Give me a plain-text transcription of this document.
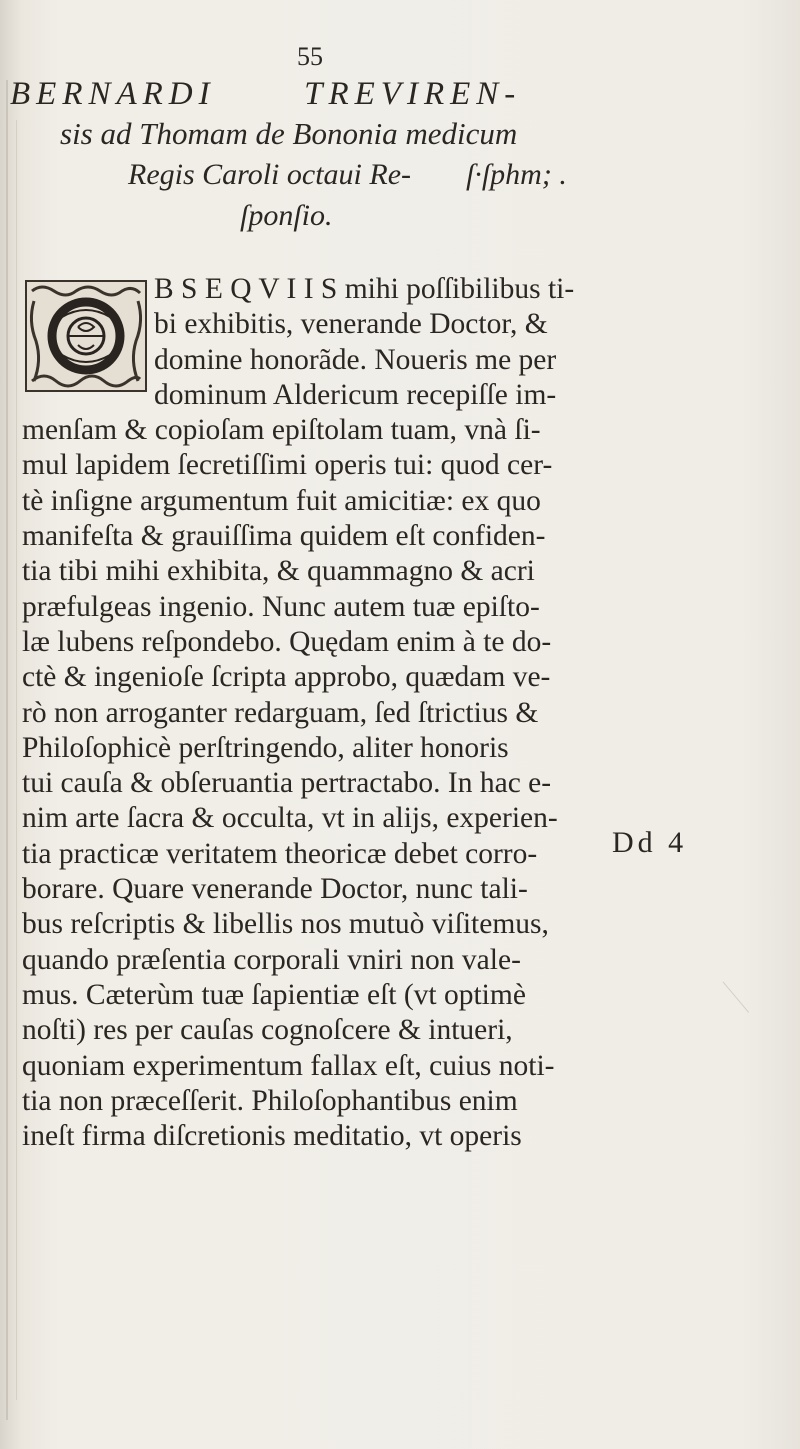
55
BERNARDI	TREVIREN-
sis ad Thomam de Bononia medicum
Regis Caroli octaui Re- ſ·ſphm; .
ſponſio.
B S E Q V I I S mihi poſſibilibus ti-
bi exhibitis, venerande Doctor, &
domine honorãde. Noueris me per
dominum Aldericum recepiſſe im-
menſam & copioſam epiſtolam tuam, vnà ſi-
mul lapidem ſecretiſſimi operis tui: quod cer-
tè inſigne argumentum fuit amicitiæ: ex quo
manifeſta & grauiſſima quidem eſt confiden-
tia tibi mihi exhibita, & quammagno & acri
præfulgeas ingenio. Nunc autem tuæ epiſto-
læ lubens reſpondebo. Quędam enim à te do-
ctè & ingenioſe ſcripta approbo, quædam ve-
rò non arroganter redarguam, ſed ſtrictius &
Philoſophicè perſtringendo, aliter honoris
tui cauſa & obſeruantia pertractabo. In hac e-
nim arte ſacra & occulta, vt in alijs, experien-
tia practicæ veritatem theoricæ debet corro-
borare. Quare venerande Doctor, nunc tali-
bus reſcriptis & libellis nos mutuò viſitemus,
quando præſentia corporali vniri non vale-
mus. Cæterùm tuæ ſapientiæ eſt (vt optimè
noſti) res per cauſas cognoſcere & intueri,
quoniam experimentum fallax eſt, cuius noti-
tia non præceſſerit. Philoſophantibus enim
ineſt firma diſcretionis meditatio, vt operis
Dd 4
